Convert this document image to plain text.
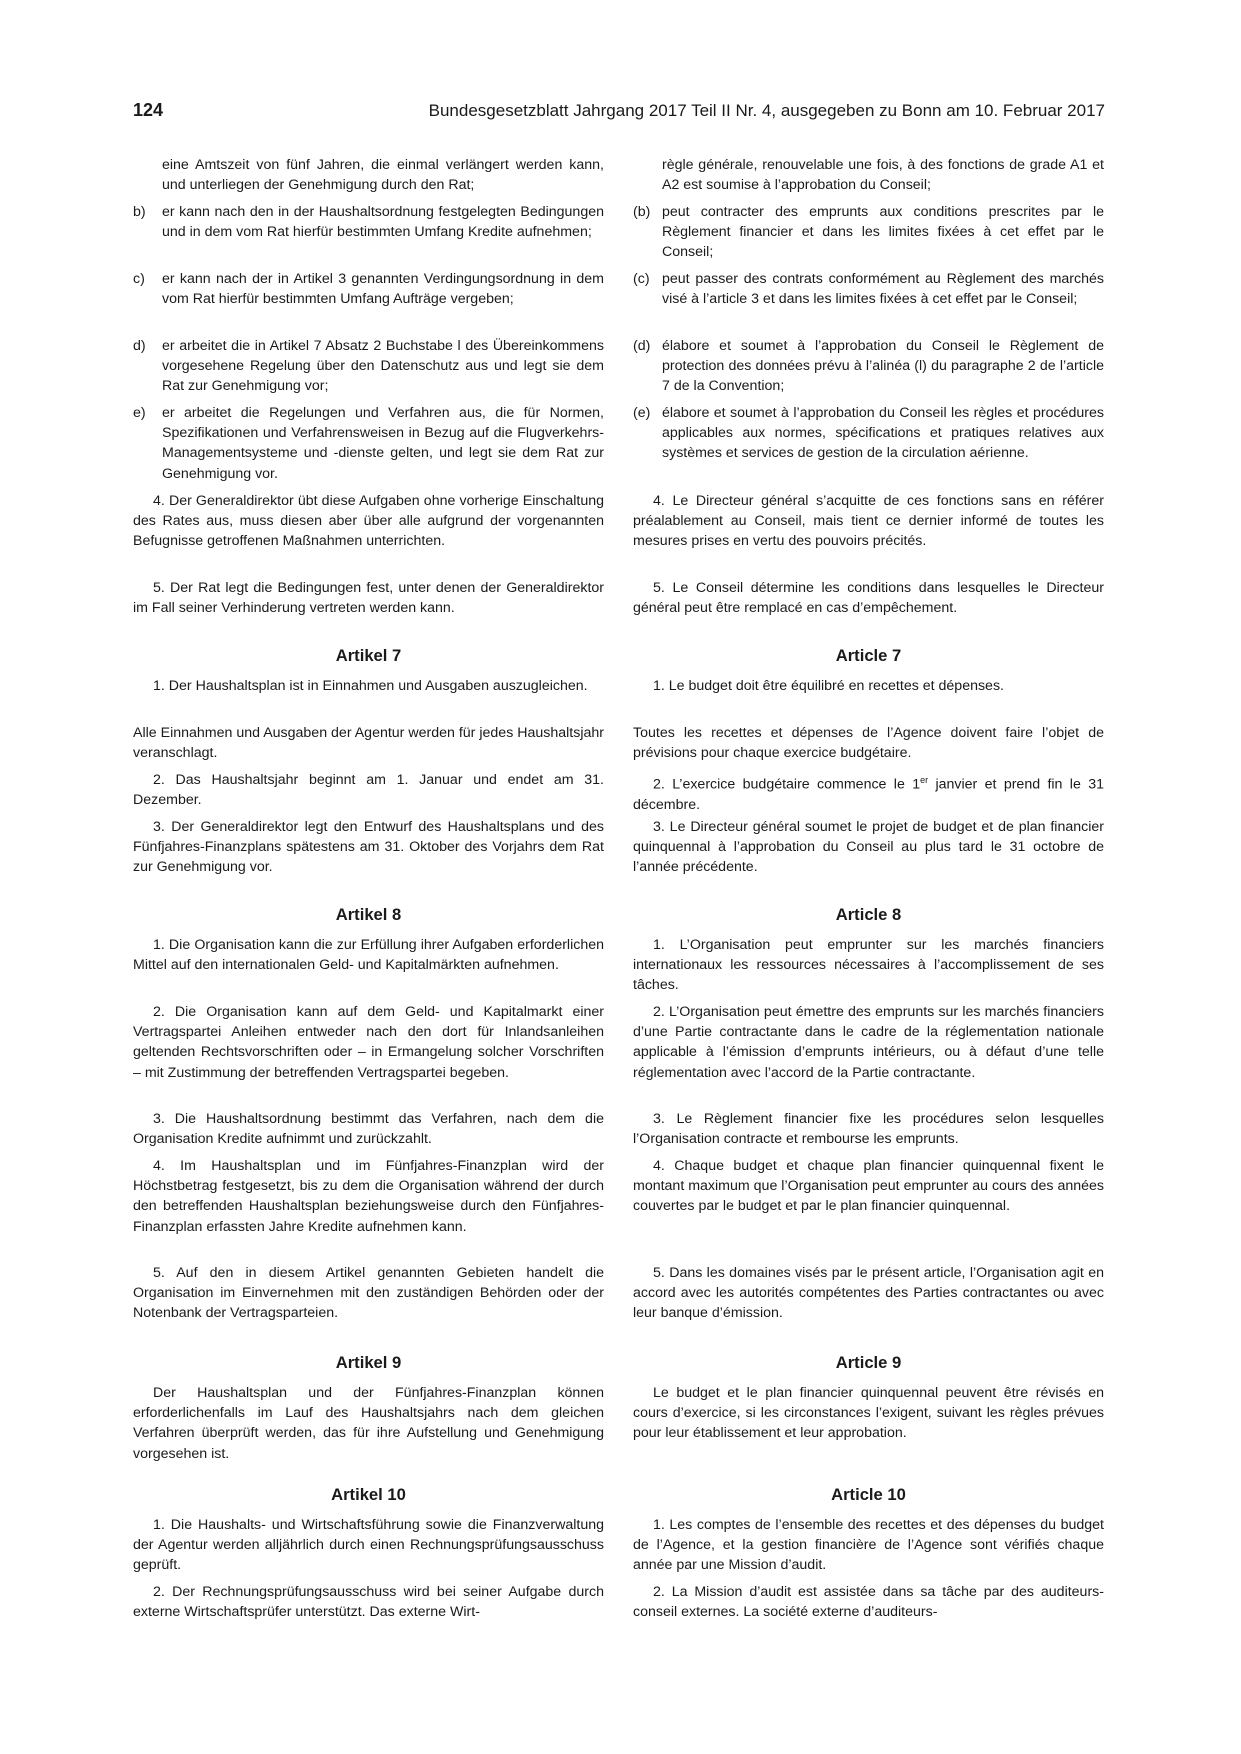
124	Bundesgesetzblatt Jahrgang 2017 Teil II Nr. 4, ausgegeben zu Bonn am 10. Februar 2017

eine Amtszeit von fünf Jahren, die einmal verlängert werden kann, und unterliegen der Genehmigung durch den Rat;

b)	er kann nach den in der Haushaltsordnung festgelegten Bedingungen und in dem vom Rat hierfür bestimmten Umfang Kredite aufnehmen;
c)	er kann nach der in Artikel 3 genannten Verdingungsordnung in dem vom Rat hierfür bestimmten Umfang Aufträge vergeben;
d)	er arbeitet die in Artikel 7 Absatz 2 Buchstabe l des Übereinkommens vorgesehene Regelung über den Datenschutz aus und legt sie dem Rat zur Genehmigung vor;
e)	er arbeitet die Regelungen und Verfahren aus, die für Normen, Spezifikationen und Verfahrensweisen in Bezug auf die Flugverkehrs-Managementsysteme und -dienste gelten, und legt sie dem Rat zur Genehmigung vor.

4. Der Generaldirektor übt diese Aufgaben ohne vorherige Einschaltung des Rates aus, muss diesen aber über alle aufgrund der vorgenannten Befugnisse getroffenen Maßnahmen unterrichten.

5. Der Rat legt die Bedingungen fest, unter denen der Generaldirektor im Fall seiner Verhinderung vertreten werden kann.

Artikel 7

1. Der Haushaltsplan ist in Einnahmen und Ausgaben auszugleichen.

Alle Einnahmen und Ausgaben der Agentur werden für jedes Haushaltsjahr veranschlagt.

2. Das Haushaltsjahr beginnt am 1. Januar und endet am 31. Dezember.

3. Der Generaldirektor legt den Entwurf des Haushaltsplans und des Fünfjahres-Finanzplans spätestens am 31. Oktober des Vorjahrs dem Rat zur Genehmigung vor.

Artikel 8

1. Die Organisation kann die zur Erfüllung ihrer Aufgaben erforderlichen Mittel auf den internationalen Geld- und Kapitalmärkten aufnehmen.

2. Die Organisation kann auf dem Geld- und Kapitalmarkt einer Vertragspartei Anleihen entweder nach den dort für Inlandsanleihen geltenden Rechtsvorschriften oder – in Ermangelung solcher Vorschriften – mit Zustimmung der betreffenden Vertragspartei begeben.

3. Die Haushaltsordnung bestimmt das Verfahren, nach dem die Organisation Kredite aufnimmt und zurückzahlt.

4. Im Haushaltsplan und im Fünfjahres-Finanzplan wird der Höchstbetrag festgesetzt, bis zu dem die Organisation während der durch den betreffenden Haushaltsplan beziehungsweise durch den Fünfjahres-Finanzplan erfassten Jahre Kredite aufnehmen kann.

5. Auf den in diesem Artikel genannten Gebieten handelt die Organisation im Einvernehmen mit den zuständigen Behörden oder der Notenbank der Vertragsparteien.

Artikel 9

Der Haushaltsplan und der Fünfjahres-Finanzplan können erforderlichenfalls im Lauf des Haushaltsjahrs nach dem gleichen Verfahren überprüft werden, das für ihre Aufstellung und Genehmigung vorgesehen ist.

Artikel 10

1. Die Haushalts- und Wirtschaftsführung sowie die Finanzverwaltung der Agentur werden alljährlich durch einen Rechnungsprüfungsausschuss geprüft.

2. Der Rechnungsprüfungsausschuss wird bei seiner Aufgabe durch externe Wirtschaftsprüfer unterstützt. Das externe Wirt-

règle générale, renouvelable une fois, à des fonctions de grade A1 et A2 est soumise à l’approbation du Conseil;

(b) peut contracter des emprunts aux conditions prescrites par le Règlement financier et dans les limites fixées à cet effet par le Conseil;
(c) peut passer des contrats conformément au Règlement des marchés visé à l’article 3 et dans les limites fixées à cet effet par le Conseil;
(d) élabore et soumet à l’approbation du Conseil le Règlement de protection des données prévu à l’alinéa (l) du paragraphe 2 de l’article 7 de la Convention;
(e) élabore et soumet à l’approbation du Conseil les règles et procédures applicables aux normes, spécifications et pratiques relatives aux systèmes et services de gestion de la circulation aérienne.

4. Le Directeur général s’acquitte de ces fonctions sans en référer préalablement au Conseil, mais tient ce dernier informé de toutes les mesures prises en vertu des pouvoirs précités.

5. Le Conseil détermine les conditions dans lesquelles le Directeur général peut être remplacé en cas d’empêchement.

Article 7

1. Le budget doit être équilibré en recettes et dépenses.

Toutes les recettes et dépenses de l’Agence doivent faire l’objet de prévisions pour chaque exercice budgétaire.

2. L’exercice budgétaire commence le 1er janvier et prend fin le 31 décembre.

3. Le Directeur général soumet le projet de budget et de plan financier quinquennal à l’approbation du Conseil au plus tard le 31 octobre de l’année précédente.

Article 8

1. L’Organisation peut emprunter sur les marchés financiers internationaux les ressources nécessaires à l’accomplissement de ses tâches.

2. L’Organisation peut émettre des emprunts sur les marchés financiers d’une Partie contractante dans le cadre de la réglementation nationale applicable à l’émission d’emprunts intérieurs, ou à défaut d’une telle réglementation avec l’accord de la Partie contractante.

3. Le Règlement financier fixe les procédures selon lesquelles l’Organisation contracte et rembourse les emprunts.

4. Chaque budget et chaque plan financier quinquennal fixent le montant maximum que l’Organisation peut emprunter au cours des années couvertes par le budget et par le plan financier quinquennal.

5. Dans les domaines visés par le présent article, l’Organisation agit en accord avec les autorités compétentes des Parties contractantes ou avec leur banque d’émission.

Article 9

Le budget et le plan financier quinquennal peuvent être révisés en cours d’exercice, si les circonstances l’exigent, suivant les règles prévues pour leur établissement et leur approbation.

Article 10

1. Les comptes de l’ensemble des recettes et des dépenses du budget de l’Agence, et la gestion financière de l’Agence sont vérifiés chaque année par une Mission d’audit.

2. La Mission d’audit est assistée dans sa tâche par des auditeurs-conseil externes. La société externe d’auditeurs-
